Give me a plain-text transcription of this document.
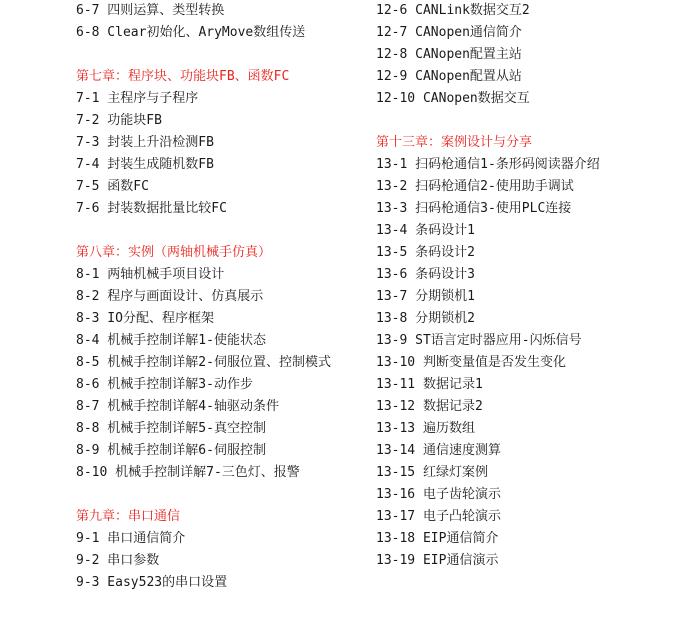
6-7 四则运算、类型转换
6-8 Clear初始化、AryMove数组传送
第七章：程序块、功能块FB、函数FC
7-1 主程序与子程序
7-2 功能块FB
7-3 封装上升沿检测FB
7-4 封装生成随机数FB
7-5 函数FC
7-6 封装数据批量比较FC
第八章：实例（两轴机械手仿真）
8-1 两轴机械手项目设计
8-2 程序与画面设计、仿真展示
8-3 IO分配、程序框架
8-4 机械手控制详解1-使能状态
8-5 机械手控制详解2-伺服位置、控制模式
8-6 机械手控制详解3-动作步
8-7 机械手控制详解4-轴驱动条件
8-8 机械手控制详解5-真空控制
8-9 机械手控制详解6-伺服控制
8-10 机械手控制详解7-三色灯、报警
第九章：串口通信
9-1 串口通信简介
9-2 串口参数
9-3 Easy523的串口设置
12-6 CANLink数据交互2
12-7 CANopen通信简介
12-8 CANopen配置主站
12-9 CANopen配置从站
12-10 CANopen数据交互
第十三章：案例设计与分享
13-1 扫码枪通信1-条形码阅读器介绍
13-2 扫码枪通信2-使用助手调试
13-3 扫码枪通信3-使用PLC连接
13-4 条码设计1
13-5 条码设计2
13-6 条码设计3
13-7 分期锁机1
13-8 分期锁机2
13-9 ST语言定时器应用-闪烁信号
13-10 判断变量值是否发生变化
13-11 数据记录1
13-12 数据记录2
13-13 遍历数组
13-14 通信速度测算
13-15 红绿灯案例
13-16 电子齿轮演示
13-17 电子凸轮演示
13-18 EIP通信简介
13-19 EIP通信演示
